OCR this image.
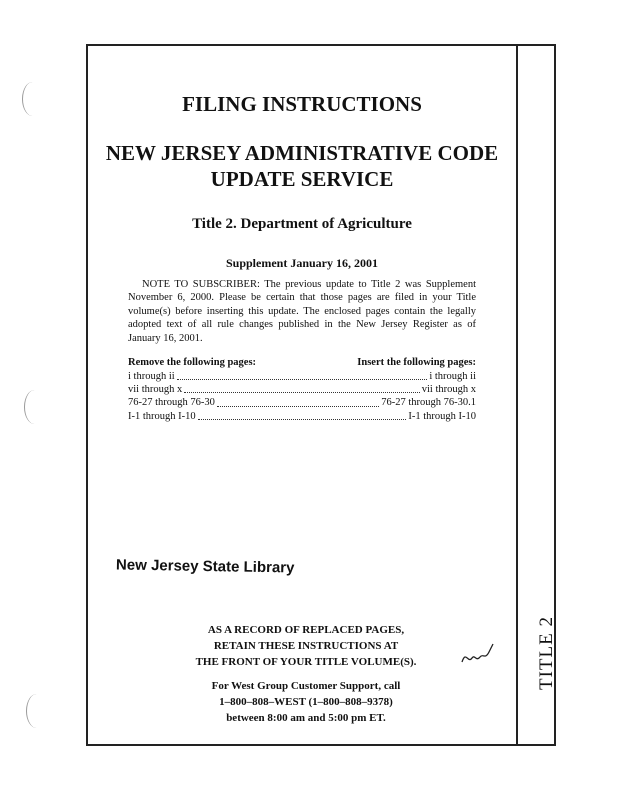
TITLE 2
FILING INSTRUCTIONS
NEW JERSEY ADMINISTRATIVE CODE
UPDATE SERVICE
Title 2. Department of Agriculture
Supplement January 16, 2001
NOTE TO SUBSCRIBER: The previous update to Title 2 was Supplement November 6, 2000. Please be certain that those pages are filed in your Title volume(s) before inserting this update. The enclosed pages contain the legally adopted text of all rule changes published in the New Jersey Register as of January 16, 2001.
Remove the following pages:	Insert the following pages:
i through ii	i through ii
vii through x	vii through x
76-27 through 76-30	76-27 through 76-30.1
I-1 through I-10	I-1 through I-10
New Jersey State Library
AS A RECORD OF REPLACED PAGES,
RETAIN THESE INSTRUCTIONS AT
THE FRONT OF YOUR TITLE VOLUME(S).
For West Group Customer Support, call
1–800–808–WEST (1–800–808–9378)
between 8:00 am and 5:00 pm ET.
